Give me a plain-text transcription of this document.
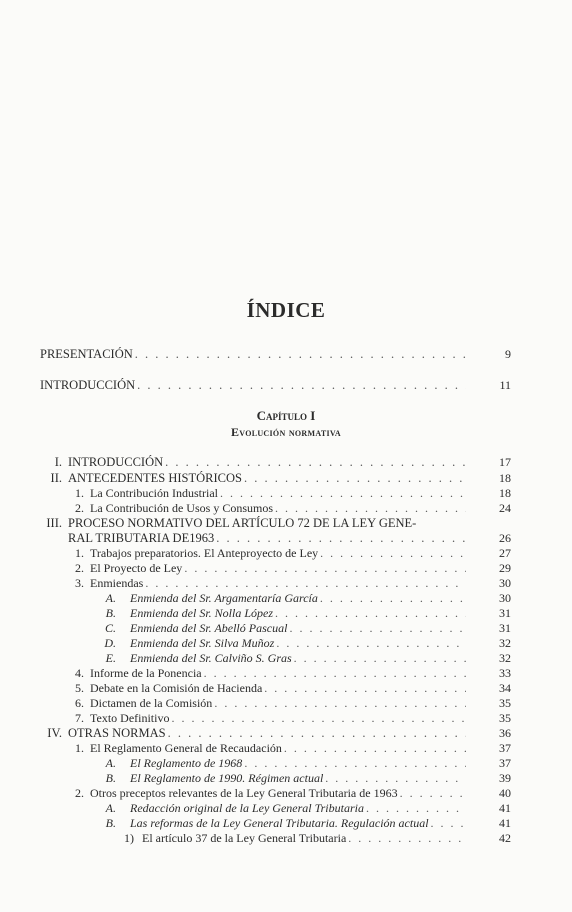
ÍNDICE
PRESENTACIÓN . . .	9
INTRODUCCIÓN . . .	11
Capítulo I
Evolución normativa
I. INTRODUCCIÓN . . .	17
II. ANTECEDENTES HISTÓRICOS . . .	18
1. La Contribución Industrial . . .	18
2. La Contribución de Usos y Consumos . . .	24
III. PROCESO NORMATIVO DEL ARTÍCULO 72 DE LA LEY GENE-
RAL TRIBUTARIA DE1963 . . .	26
1. Trabajos preparatorios. El Anteproyecto de Ley . . .	27
2. El Proyecto de Ley . . .	29
3. Enmiendas . . .	30
A.	Enmienda del Sr. Argamentaría García . . .	30
B.	Enmienda del Sr. Nolla López . . .	31
C.	Enmienda del Sr. Abelló Pascual . . .	31
D.	Enmienda del Sr. Silva Muñoz . . .	32
E.	Enmienda del Sr. Calviño S. Gras . . .	32
4. Informe de la Ponencia . . .	33
5. Debate en la Comisión de Hacienda . . .	34
6. Dictamen de la Comisión . . .	35
7. Texto Definitivo . . .	35
IV. OTRAS NORMAS . . .	36
1. El Reglamento General de Recaudación . . .	37
A.	El Reglamento de 1968 . . .	37
B.	El Reglamento de 1990. Régimen actual . . .	39
2. Otros preceptos relevantes de la Ley General Tributaria de 1963 . . .	40
A.	Redacción original de la Ley General Tributaria . . .	41
B.	Las reformas de la Ley General Tributaria. Regulación actual . . .	41
1) El artículo 37 de la Ley General Tributaria . . .	42
